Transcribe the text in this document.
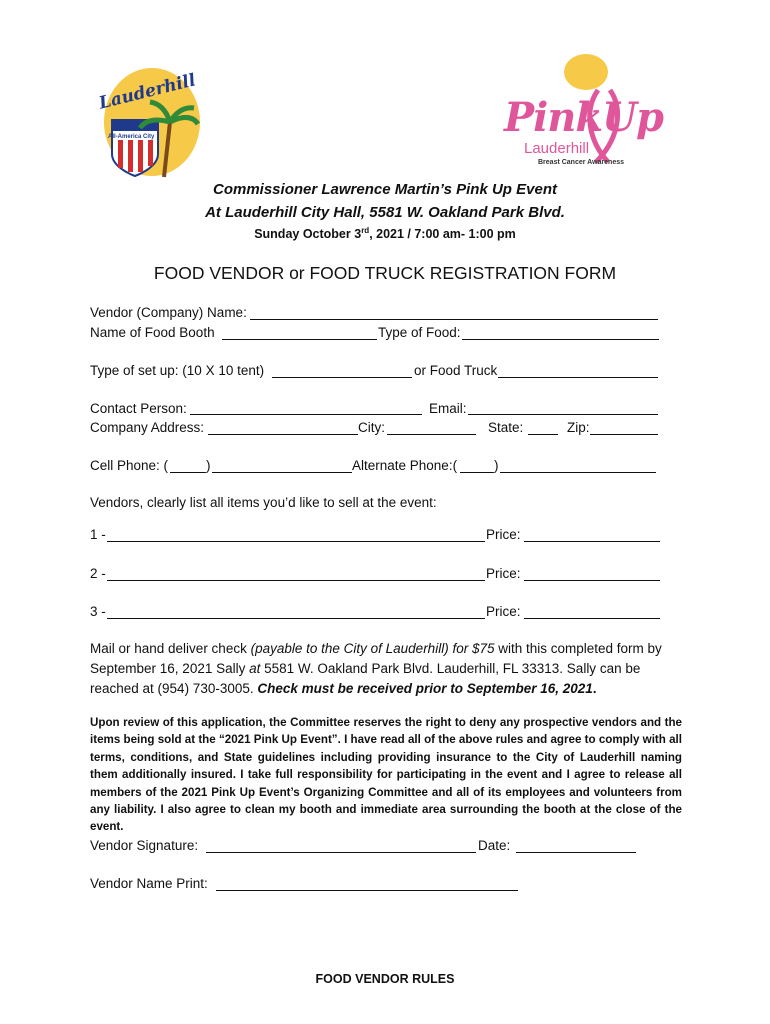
Lauderhill
All-America City	PinkUp
Lauderhill
Breast Cancer Awareness
Commissioner Lawrence Martin’s Pink Up Event
At Lauderhill City Hall, 5581 W. Oakland Park Blvd.
Sunday October 3rd, 2021 / 7:00 am- 1:00 pm
FOOD VENDOR or FOOD TRUCK REGISTRATION FORM
Vendor (Company) Name:
Name of Food Booth	Type of Food:
Type of set up: (10 X 10 tent)	or Food Truck
Contact Person:	Email:
Company Address:	City:	State:	Zip:
Cell Phone: (	)	Alternate Phone:(	)
Vendors, clearly list all items you’d like to sell at the event:
1 -	Price:
2 -	Price:
3 -	Price:
Mail or hand deliver check (payable to the City of Lauderhill) for $75 with this completed form by September 16, 2021 Sally at 5581 W. Oakland Park Blvd. Lauderhill, FL 33313. Sally can be reached at (954) 730-3005. Check must be received prior to September 16, 2021.
Upon review of this application, the Committee reserves the right to deny any prospective vendors and the items being sold at the “2021 Pink Up Event”. I have read all of the above rules and agree to comply with all terms, conditions, and State guidelines including providing insurance to the City of Lauderhill naming them additionally insured. I take full responsibility for participating in the event and I agree to release all members of the 2021 Pink Up Event’s Organizing Committee and all of its employees and volunteers from any liability. I also agree to clean my booth and immediate area surrounding the booth at the close of the event.
Vendor Signature:	Date:
Vendor Name Print:
FOOD VENDOR RULES
